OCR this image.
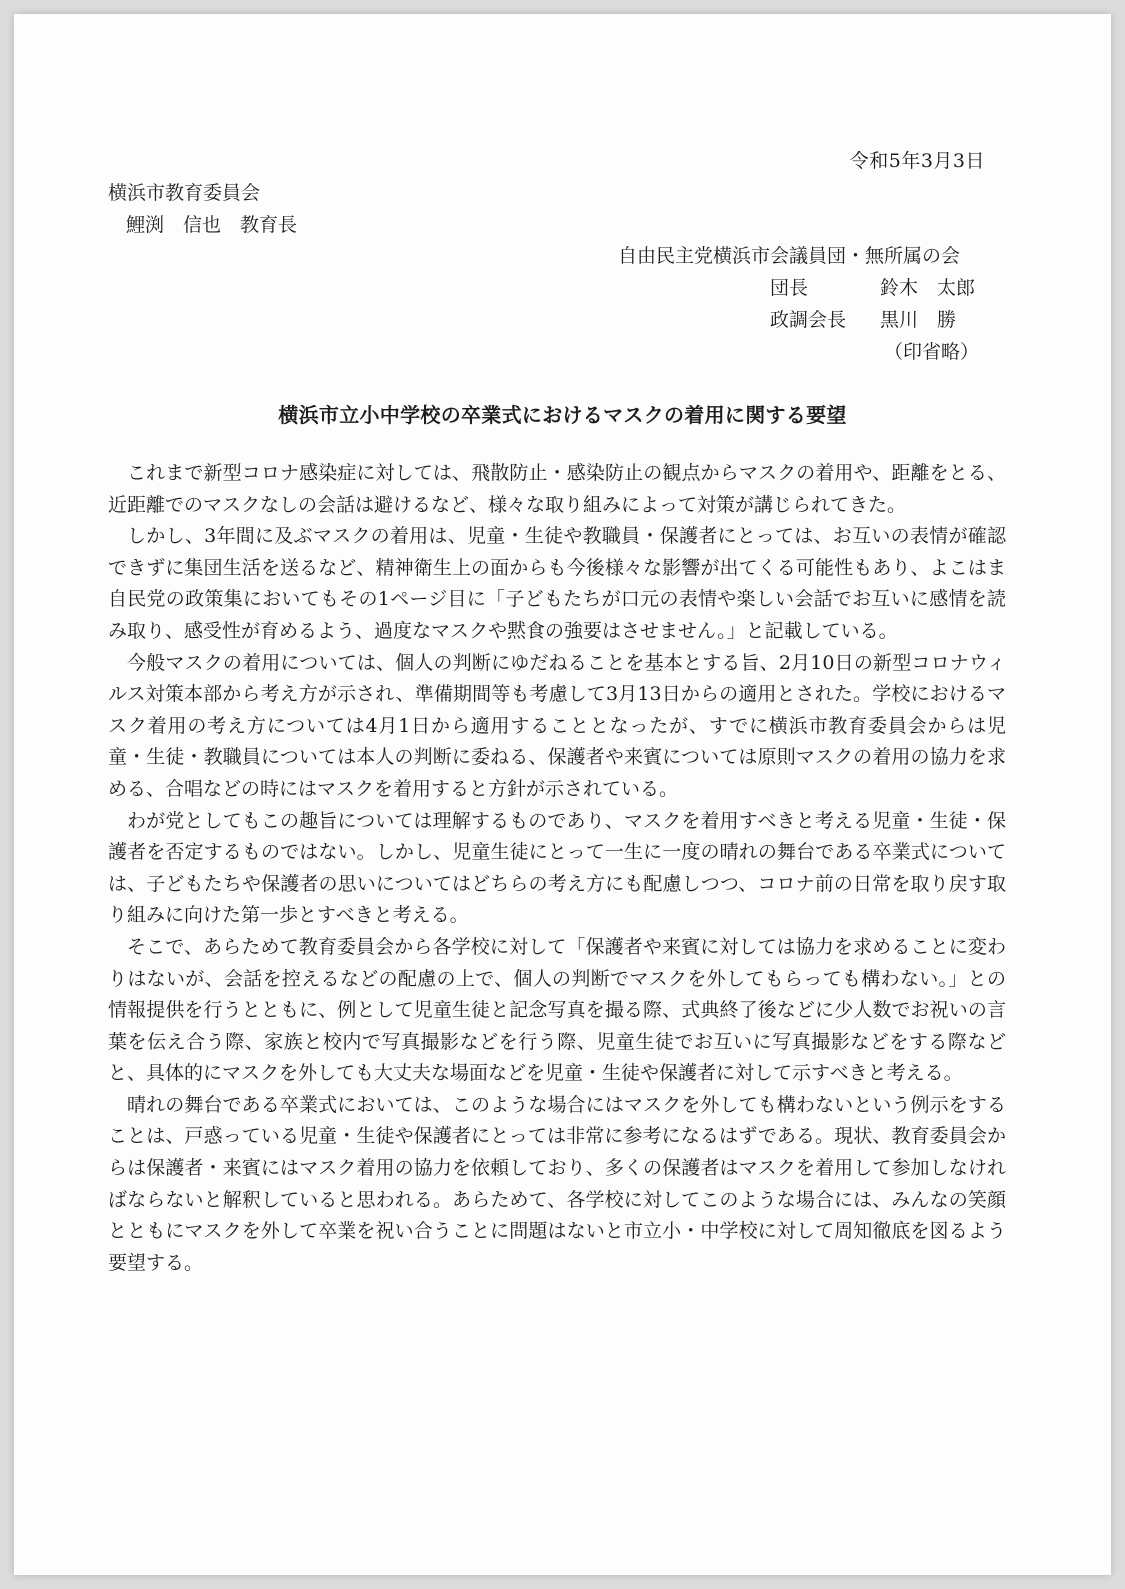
令和5年3月3日
横浜市教育委員会
鯉渕　信也　教育長
自由民主党横浜市会議員団・無所属の会
団長	鈴木　太郎
政調会長	黒川　勝
（印省略）
横浜市立小中学校の卒業式におけるマスクの着用に関する要望

これまで新型コロナ感染症に対しては、飛散防止・感染防止の観点からマスクの着用や、距離をとる、近距離でのマスクなしの会話は避けるなど、様々な取り組みによって対策が講じられてきた。

しかし、3年間に及ぶマスクの着用は、児童・生徒や教職員・保護者にとっては、お互いの表情が確認できずに集団生活を送るなど、精神衛生上の面からも今後様々な影響が出てくる可能性もあり、よこはま自民党の政策集においてもその1ページ目に「子どもたちが口元の表情や楽しい会話でお互いに感情を読み取り、感受性が育めるよう、過度なマスクや黙食の強要はさせません。」と記載している。

今般マスクの着用については、個人の判断にゆだねることを基本とする旨、2月10日の新型コロナウィルス対策本部から考え方が示され、準備期間等も考慮して3月13日からの適用とされた。学校におけるマスク着用の考え方については4月1日から適用することとなったが、すでに横浜市教育委員会からは児童・生徒・教職員については本人の判断に委ねる、保護者や来賓については原則マスクの着用の協力を求める、合唱などの時にはマスクを着用すると方針が示されている。

わが党としてもこの趣旨については理解するものであり、マスクを着用すべきと考える児童・生徒・保護者を否定するものではない。しかし、児童生徒にとって一生に一度の晴れの舞台である卒業式については、子どもたちや保護者の思いについてはどちらの考え方にも配慮しつつ、コロナ前の日常を取り戻す取り組みに向けた第一歩とすべきと考える。

そこで、あらためて教育委員会から各学校に対して「保護者や来賓に対しては協力を求めることに変わりはないが、会話を控えるなどの配慮の上で、個人の判断でマスクを外してもらっても構わない。」との情報提供を行うとともに、例として児童生徒と記念写真を撮る際、式典終了後などに少人数でお祝いの言葉を伝え合う際、家族と校内で写真撮影などを行う際、児童生徒でお互いに写真撮影などをする際などと、具体的にマスクを外しても大丈夫な場面などを児童・生徒や保護者に対して示すべきと考える。

晴れの舞台である卒業式においては、このような場合にはマスクを外しても構わないという例示をすることは、戸惑っている児童・生徒や保護者にとっては非常に参考になるはずである。現状、教育委員会からは保護者・来賓にはマスク着用の協力を依頼しており、多くの保護者はマスクを着用して参加しなければならないと解釈していると思われる。あらためて、各学校に対してこのような場合には、みんなの笑顔とともにマスクを外して卒業を祝い合うことに問題はないと市立小・中学校に対して周知徹底を図るよう要望する。
